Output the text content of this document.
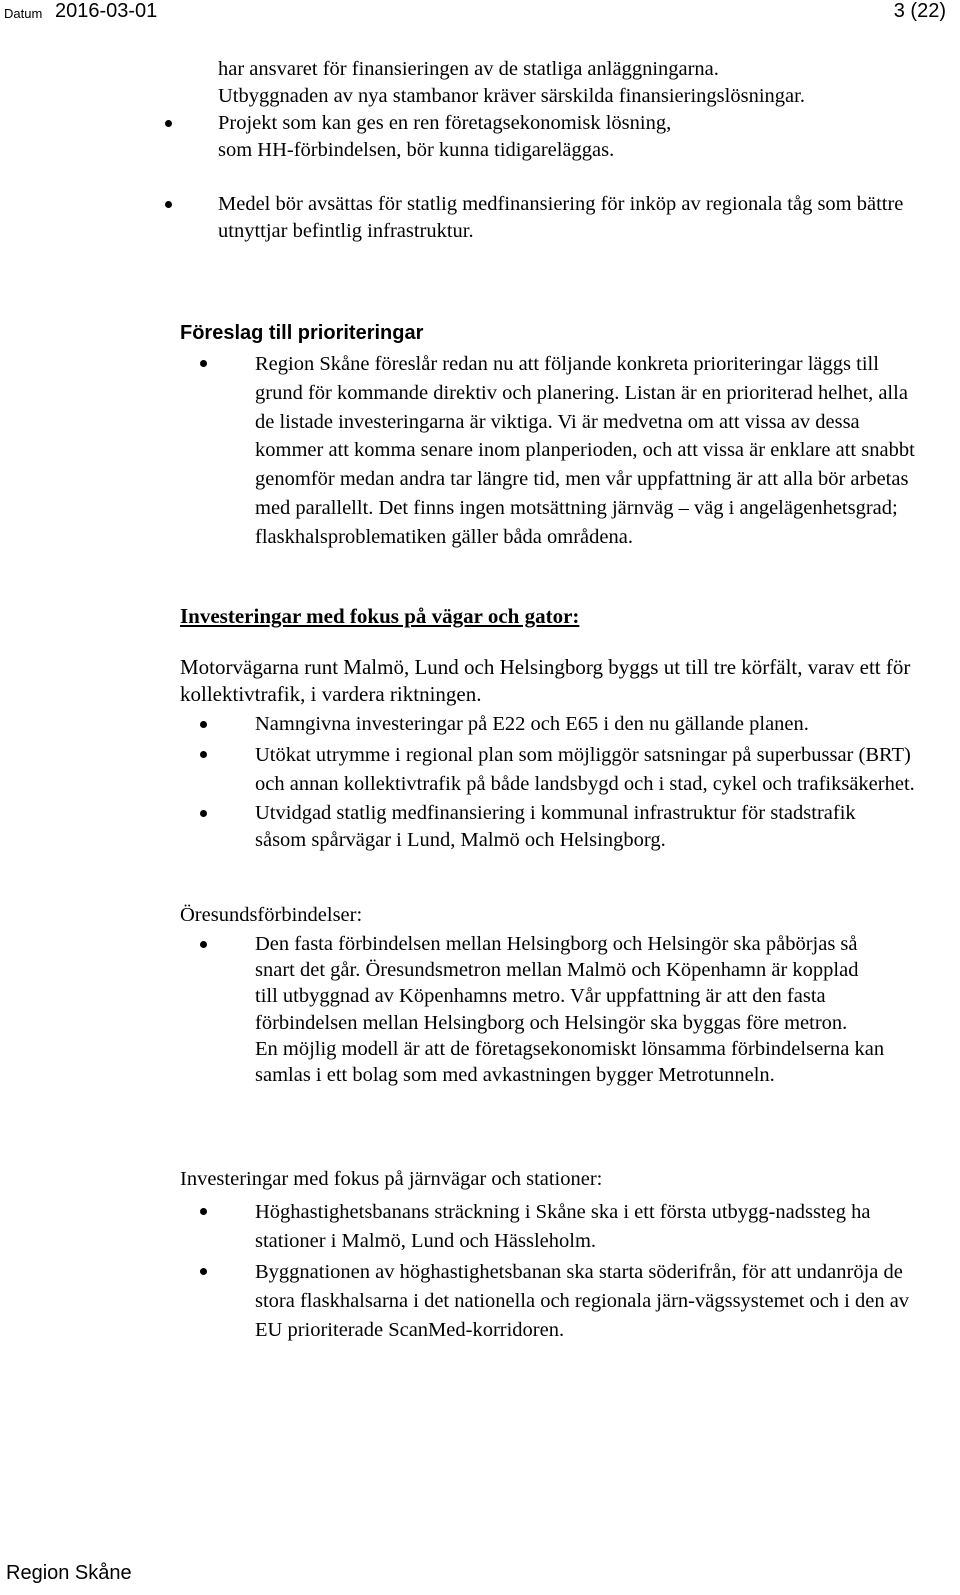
Datum 2016-03-01	3 (22)

har ansvaret för finansieringen av de statliga anläggningarna. Utbyggnaden av nya stambanor kräver särskilda finansieringslösningar.

Projekt som kan ges en ren företagsekonomisk lösning, som HH-förbindelsen, bör kunna tidigareläggas.
Medel bör avsättas för statlig medfinansiering för inköp av regionala tåg som bättre utnyttjar befintlig infrastruktur.

Föreslag till prioriteringar

Region Skåne föreslår redan nu att följande konkreta prioriteringar läggs till grund för kommande direktiv och planering. Listan är en prioriterad helhet, alla de listade investeringarna är viktiga. Vi är medvetna om att vissa av dessa kommer att komma senare inom planperioden, och att vissa är enklare att snabbt genomför medan andra tar längre tid, men vår uppfattning är att alla bör arbetas med parallellt. Det finns ingen motsättning järnväg – väg i angelägenhetsgrad; flaskhalsproblematiken gäller båda områdena.

Investeringar med fokus på vägar och gator:

Motorvägarna runt Malmö, Lund och Helsingborg byggs ut till tre körfält, varav ett för kollektivtrafik, i vardera riktningen.

Namngivna investeringar på E22 och E65 i den nu gällande planen.
Utökat utrymme i regional plan som möjliggör satsningar på superbussar (BRT) och annan kollektivtrafik på både landsbygd och i stad, cykel och trafiksäkerhet.
Utvidgad statlig medfinansiering i kommunal infrastruktur för stadstrafik såsom spårvägar i Lund, Malmö och Helsingborg.

Öresundsförbindelser:

Den fasta förbindelsen mellan Helsingborg och Helsingör ska påbörjas så snart det går. Öresundsmetron mellan Malmö och Köpenhamn är kopplad till utbyggnad av Köpenhamns metro. Vår uppfattning är att den fasta förbindelsen mellan Helsingborg och Helsingör ska byggas före metron.

En möjlig modell är att de företagsekonomiskt lönsamma förbindelserna kan samlas i ett bolag som med avkastningen bygger Metrotunneln.

Investeringar med fokus på järnvägar och stationer:

Höghastighetsbanans sträckning i Skåne ska i ett första utbygg-nadssteg ha stationer i Malmö, Lund och Hässleholm.
Byggnationen av höghastighetsbanan ska starta söderifrån, för att undanröja de stora flaskhalsarna i det nationella och regionala järn-vägssystemet och i den av EU prioriterade ScanMed-korridoren.
Region Skåne
